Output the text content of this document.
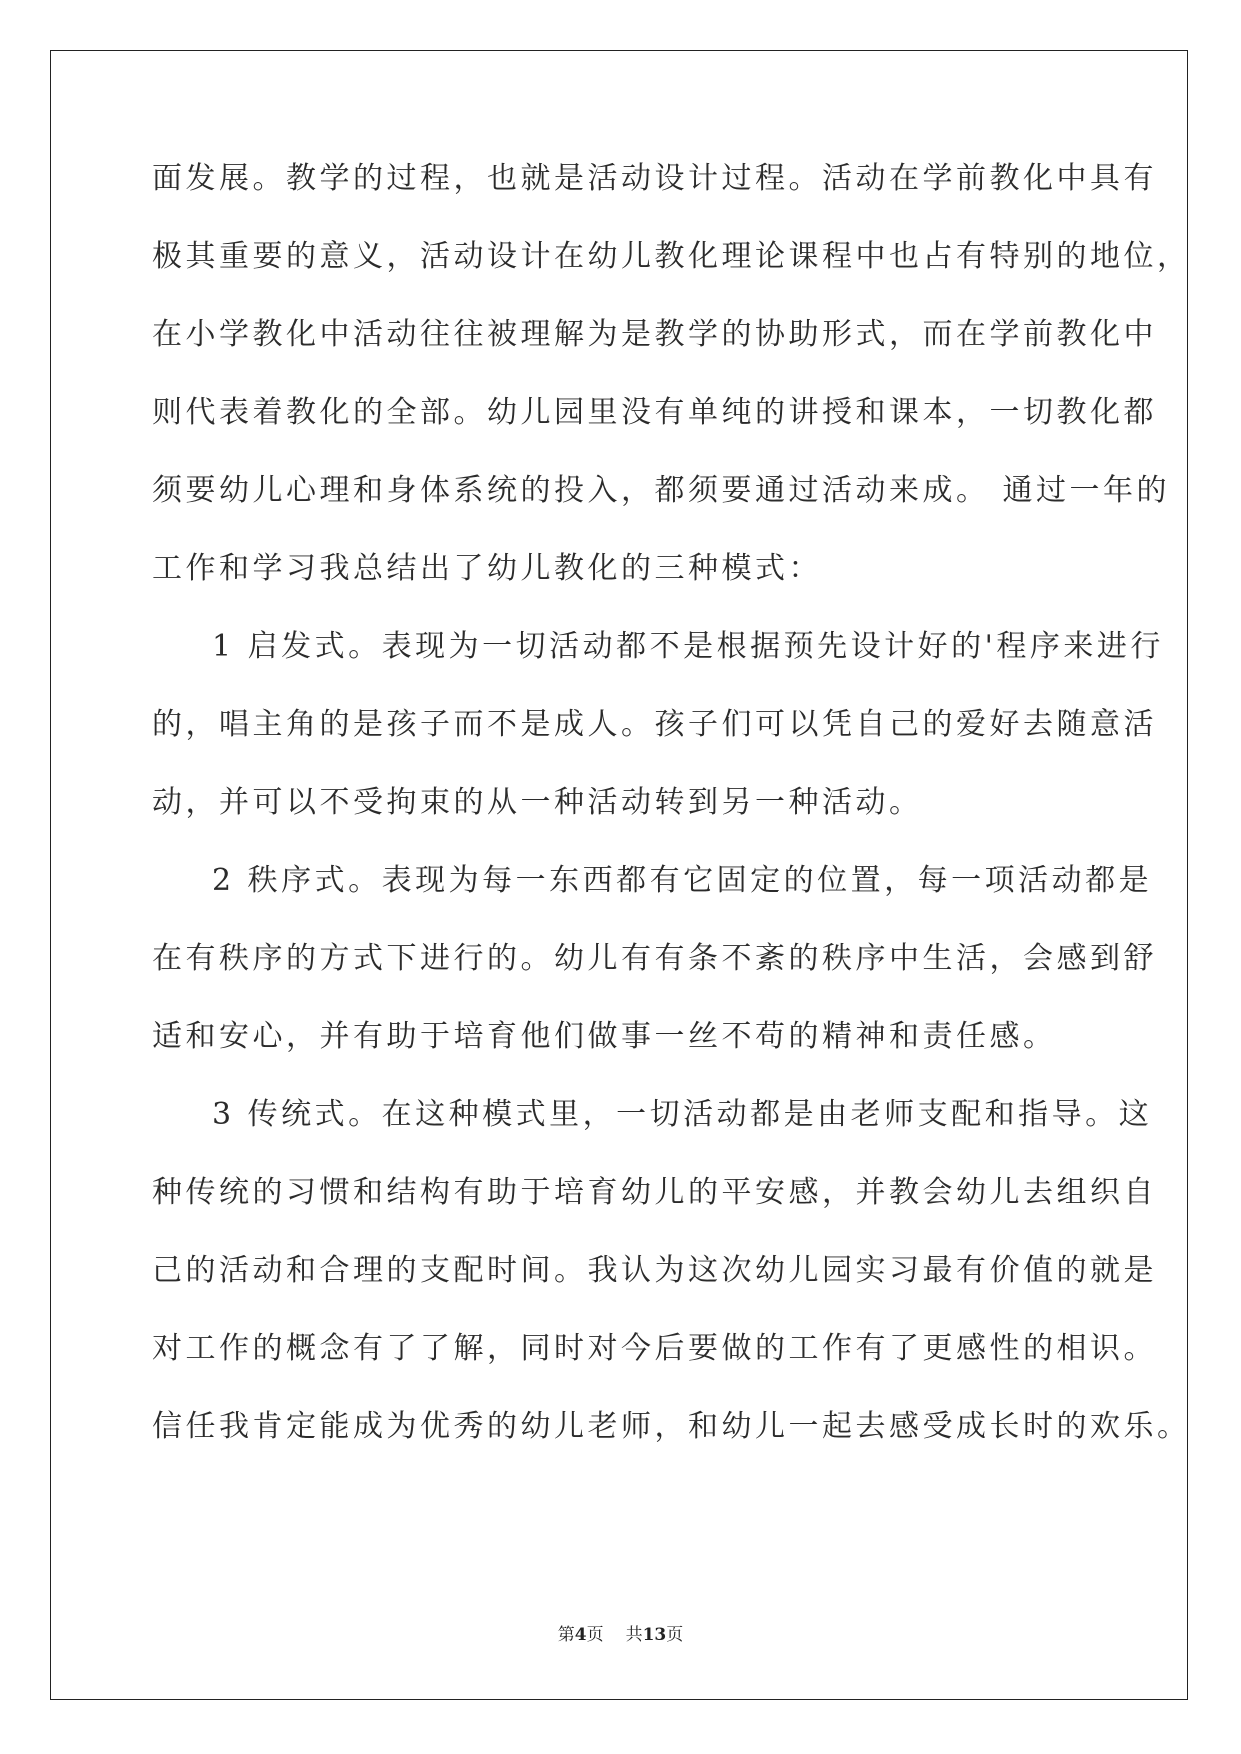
面发展。教学的过程，也就是活动设计过程。活动在学前教化中具有
极其重要的意义，活动设计在幼儿教化理论课程中也占有特别的地位，
在小学教化中活动往往被理解为是教学的协助形式，而在学前教化中
则代表着教化的全部。幼儿园里没有单纯的讲授和课本，一切教化都
须要幼儿心理和身体系统的投入，都须要通过活动来成。 通过一年的
工作和学习我总结出了幼儿教化的三种模式：
1 启发式。表现为一切活动都不是根据预先设计好的'程序来进行
的，唱主角的是孩子而不是成人。孩子们可以凭自己的爱好去随意活
动，并可以不受拘束的从一种活动转到另一种活动。
2 秩序式。表现为每一东西都有它固定的位置，每一项活动都是
在有秩序的方式下进行的。幼儿有有条不紊的秩序中生活，会感到舒
适和安心，并有助于培育他们做事一丝不苟的精神和责任感。
3 传统式。在这种模式里，一切活动都是由老师支配和指导。这
种传统的习惯和结构有助于培育幼儿的平安感，并教会幼儿去组织自
己的活动和合理的支配时间。我认为这次幼儿园实习最有价值的就是
对工作的概念有了了解，同时对今后要做的工作有了更感性的相识。
信任我肯定能成为优秀的幼儿老师，和幼儿一起去感受成长时的欢乐。
第4页 共13页
